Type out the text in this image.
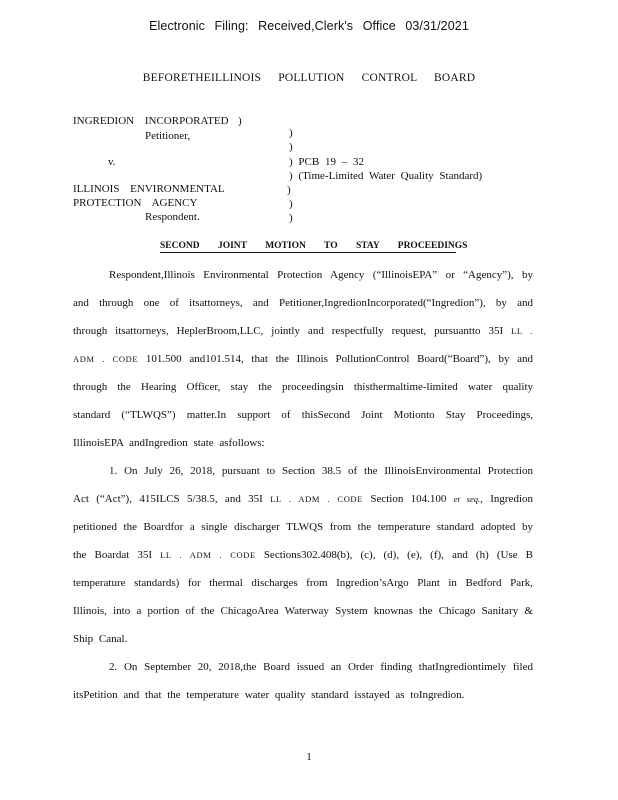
Electronic Filing: Received,Clerk's Office 03/31/2021
BEFORETHEILLINOIS POLLUTION CONTROL BOARD
INGREDION INCORPORATED )
Petitioner,
v.
ILLINOIS ENVIRONMENTAL
PROTECTION AGENCY
Respondent.
)
)
) PCB 19 – 32
) (Time-Limited Water Quality Standard)
)
)
)
SECOND JOINT MOTION TO STAY PROCEEDINGS

Respondent,Illinois Environmental Protection Agency (“IllinoisEPA” or “Agency”), by and through one of itsattorneys, and Petitioner,IngredionIncorporated(“Ingredion”), by and through itsattorneys, HeplerBroom,LLC, jointly and respectfully request, pursuantto 35I LL . ADM . CODE 101.500 and101.514, that the Illinois PollutionControl Board(“Board”), by and through the Hearing Officer, stay the proceedingsin thisthermaltime-limited water quality standard (“TLWQS”) matter.In support of thisSecond Joint Motionto Stay Proceedings, IllinoisEPA andIngredion state asfollows:

1. On July 26, 2018, pursuant to Section 38.5 of the IllinoisEnvironmental Protection Act (“Act”), 415ILCS 5/38.5, and 35I LL . ADM . CODE Section 104.100 et seq., Ingredion petitioned the Boardfor a single discharger TLWQS from the temperature standard adopted by the Boardat 35I LL . ADM . CODE Sections302.408(b), (c), (d), (e), (f), and (h) (Use B temperature standards) for thermal discharges from Ingredion’sArgo Plant in Bedford Park, Illinois, into a portion of the ChicagoArea Waterway System knownas the Chicago Sanitary & Ship Canal.

2. On September 20, 2018,the Board issued an Order finding thatIngrediontimely filed itsPetition and that the temperature water quality standard isstayed as toIngredion.

1
